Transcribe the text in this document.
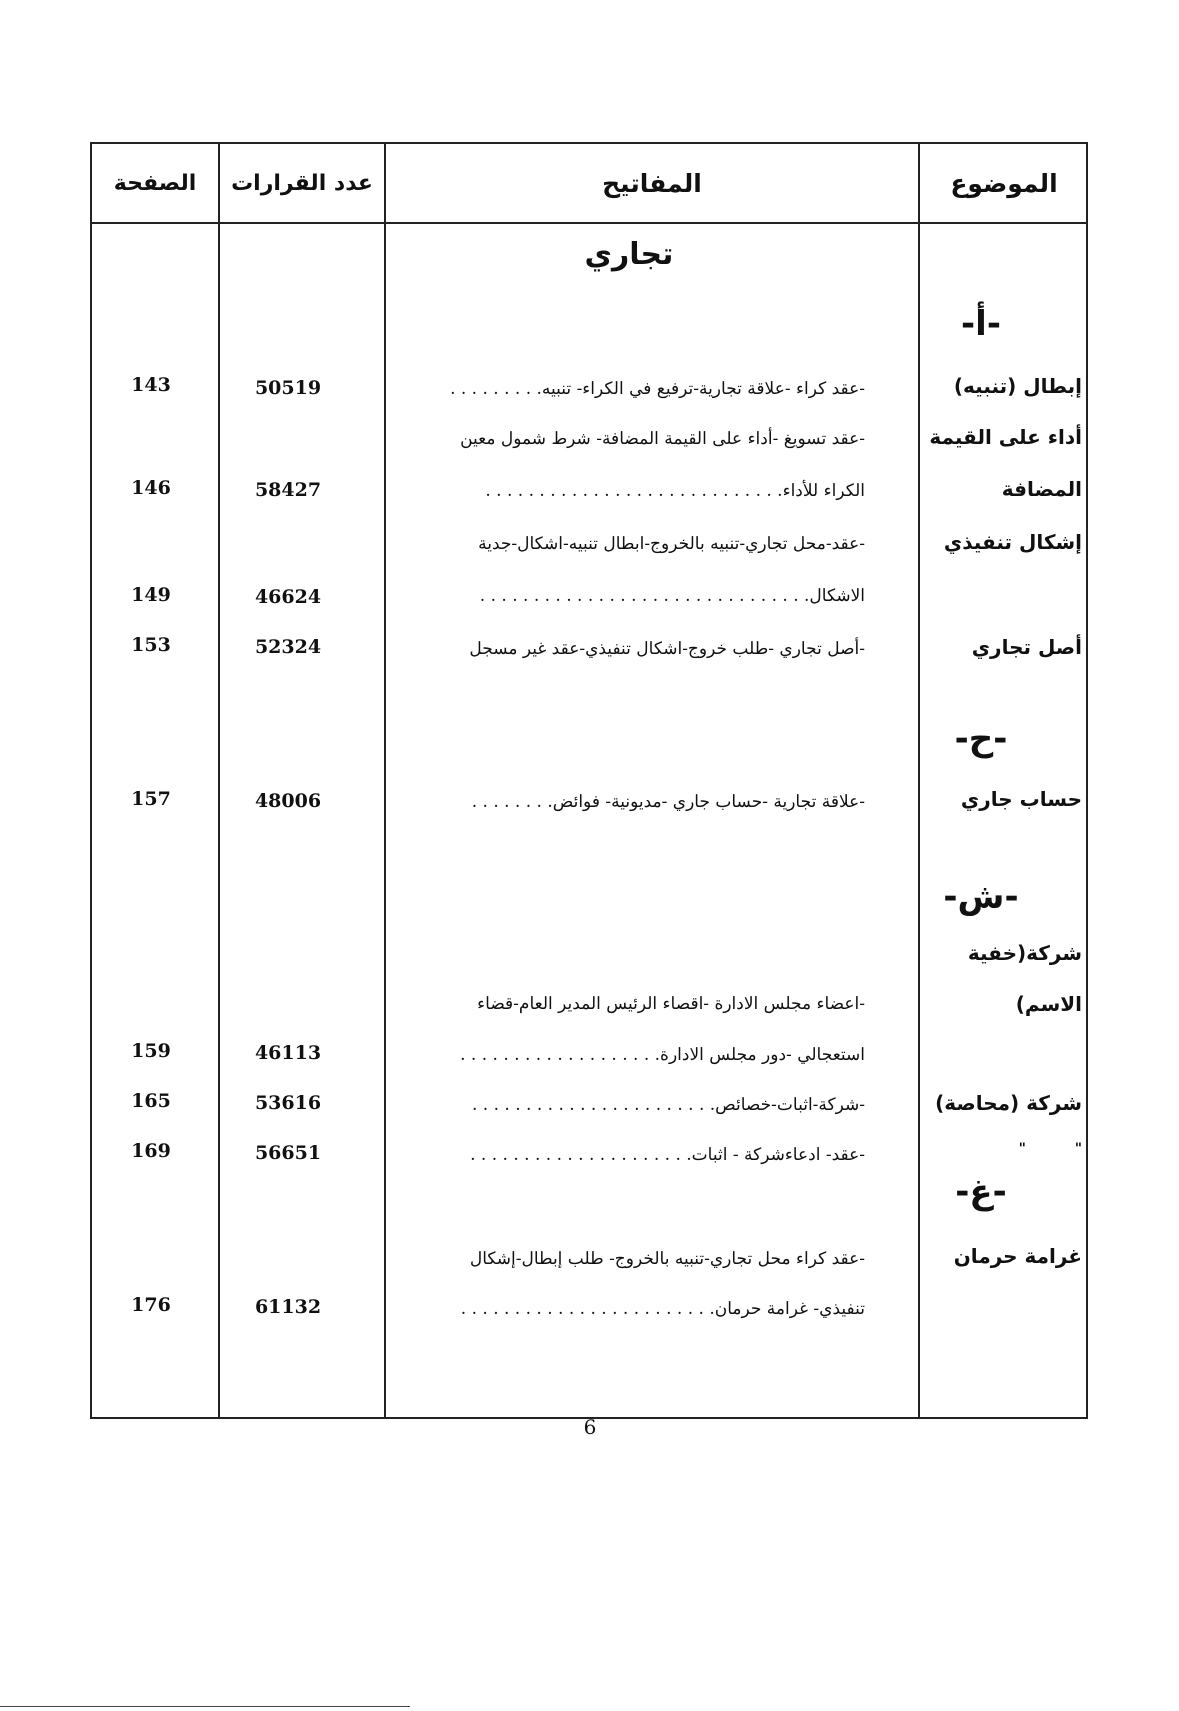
الموضوع
المفاتيح
عدد القرارات
الصفحة
تجاري
-أ-
إبطال (تنبيه)
-عقد كراء -علاقة تجارية-ترفيع في الكراء- تنبيه. . . . . . . . .
50519
143
أداء على القيمة
-عقد تسويغ -أداء على القيمة المضافة- شرط شمول معين
المضافة
الكراء للأداء. . . . . . . . . . . . . . . . . . . . . . . . . . . .
58427
146
إشكال تنفيذي
-عقد-محل تجاري-تنبيه بالخروج-ابطال تنبيه-اشكال-جدية
الاشكال. . . . . . . . . . . . . . . . . . . . . . . . . . . . . . .
46624
149
أصل تجاري
-أصل تجاري -طلب خروج-اشكال تنفيذي-عقد غير مسجل
52324
153
-ح-
حساب جاري
-علاقة تجارية -حساب جاري -مديونية- فوائض. . . . . . . .
48006
157
-ش-
شركة(خفية
الاسم)
-اعضاء مجلس الادارة -اقصاء الرئيس المدير العام-قضاء
استعجالي -دور مجلس الادارة. . . . . . . . . . . . . . . . . . .
46113
159
شركة (محاصة)
-شركة-اثبات-خصائص. . . . . . . . . . . . . . . . . . . . . . .
53616
165
"          "
-عقد- ادعاءشركة - اثبات. . . . . . . . . . . . . . . . . . . . .
56651
169
-غ-
غرامة حرمان
-عقد كراء محل تجاري-تنبيه بالخروج- طلب إبطال-إشكال
تنفيذي- غرامة حرمان. . . . . . . . . . . . . . . . . . . . . . . .
61132
176
6
